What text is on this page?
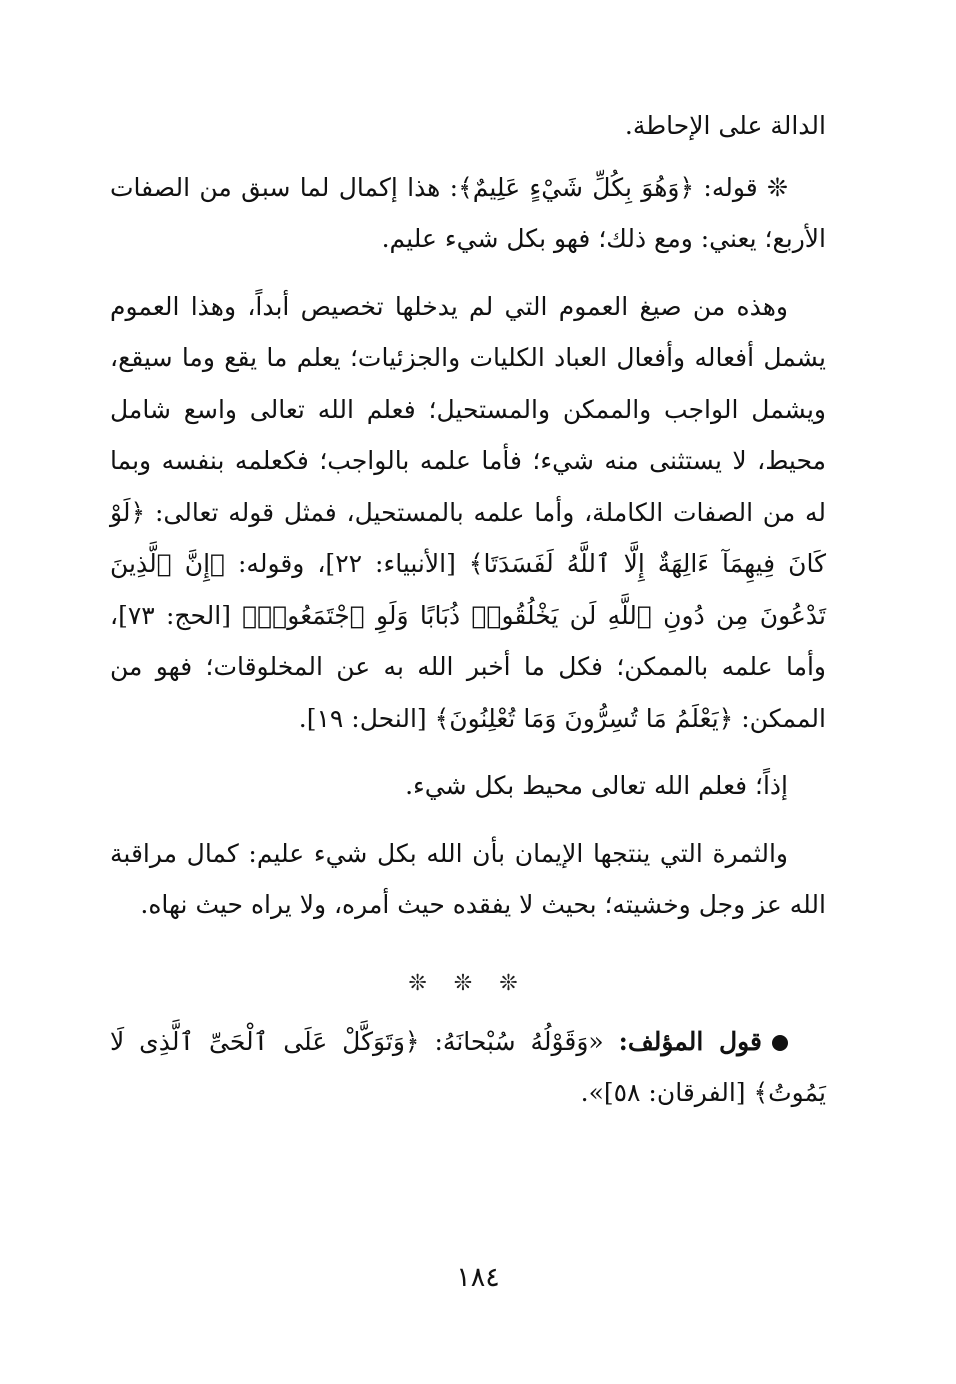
الدالة على الإحاطة.

❊ قوله: ﴿وَهُوَ بِكُلِّ شَيْءٍ عَلِيمٌ﴾: هذا إكمال لما سبق من الصفات الأربع؛ يعني: ومع ذلك؛ فهو بكل شيء عليم.

وهذه من صيغ العموم التي لم يدخلها تخصيص أبداً، وهذا العموم يشمل أفعاله وأفعال العباد الكليات والجزئيات؛ يعلم ما يقع وما سيقع، ويشمل الواجب والممكن والمستحيل؛ فعلم الله تعالى واسع شامل محيط، لا يستثنى منه شيء؛ فأما علمه بالواجب؛ فكعلمه بنفسه وبما له من الصفات الكاملة، وأما علمه بالمستحيل، فمثل قوله تعالى: ﴿لَوْ كَانَ فِيهِمَآ ءَالِهَةٌ إِلَّا ٱللَّهُ لَفَسَدَتَا﴾ [الأنبياء: ٢٢]، وقوله: ﴿إِنَّ ٱلَّذِينَ تَدْعُونَ مِن دُونِ ٱللَّهِ لَن يَخْلُقُوا۟ ذُبَابًا وَلَوِ ٱجْتَمَعُوا۟﴾ [الحج: ٧٣]، وأما علمه بالممكن؛ فكل ما أخبر الله به عن المخلوقات؛ فهو من الممكن: ﴿يَعْلَمُ مَا تُسِرُّونَ وَمَا تُعْلِنُونَ﴾ [النحل: ١٩].

إذاً؛ فعلم الله تعالى محيط بكل شيء.

والثمرة التي ينتجها الإيمان بأن الله بكل شيء عليم: كمال مراقبة الله عز وجل وخشيته؛ بحيث لا يفقده حيث أمره، ولا يراه حيث نهاه.

❊ ❊ ❊

قول المؤلف: «وَقَوْلُهُ سُبْحانَهُ: ﴿وَتَوَكَّلْ عَلَى ٱلْحَىِّ ٱلَّذِى لَا يَمُوتُ﴾ [الفرقان: ٥٨]».

١٨٤
